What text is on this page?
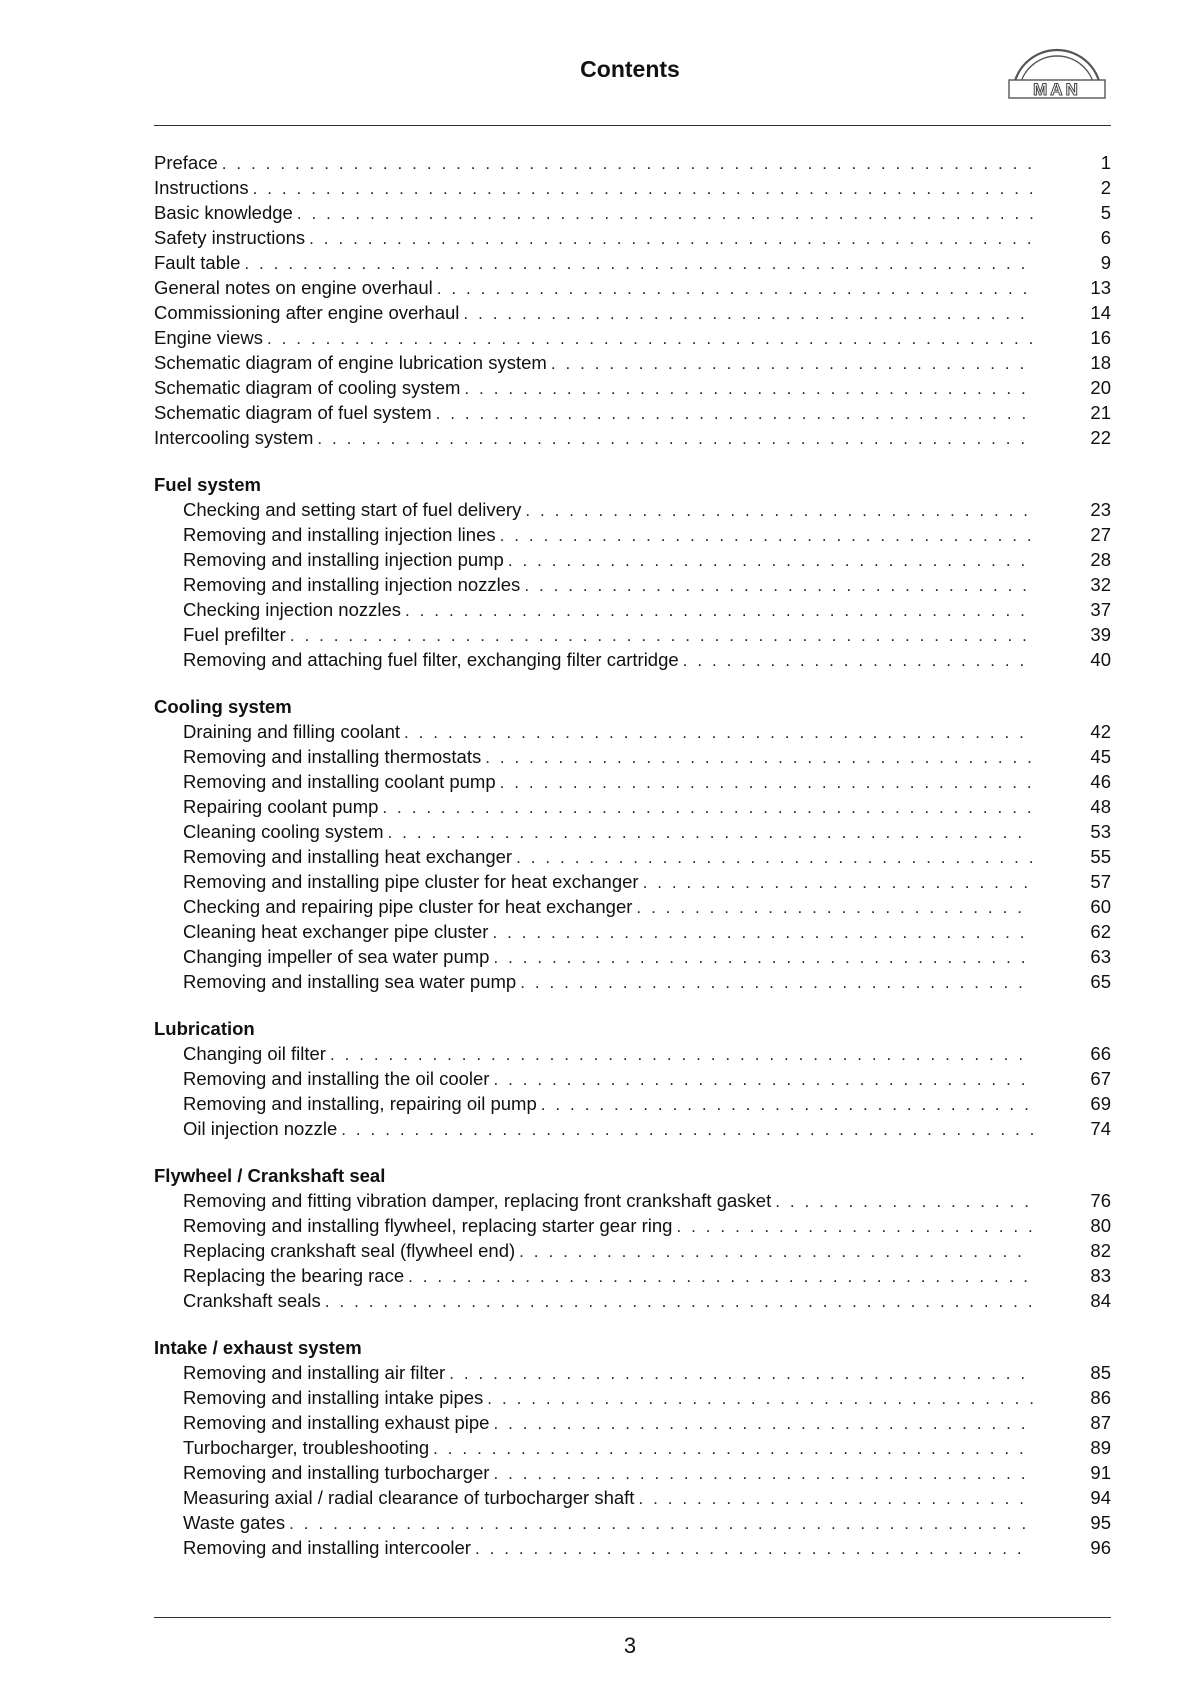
Contents
MAN
Preface . . .	1
Instructions . . .	2
Basic knowledge . . .	5
Safety instructions . . .	6
Fault table . . .	9
General notes on engine overhaul . . .	13
Commissioning after engine overhaul . . .	14
Engine views . . .	16
Schematic diagram of engine lubrication system . . .	18
Schematic diagram of cooling system . . .	20
Schematic diagram of fuel system . . .	21
Intercooling system . . .	22
Fuel system
Checking and setting start of fuel delivery . . .	23
Removing and installing injection lines . . .	27
Removing and installing injection pump . . .	28
Removing and installing injection nozzles . . .	32
Checking injection nozzles . . .	37
Fuel prefilter . . .	39
Removing and attaching fuel filter, exchanging filter cartridge . . .	40
Cooling system
Draining and filling coolant . . .	42
Removing and installing thermostats . . .	45
Removing and installing coolant pump . . .	46
Repairing coolant pump . . .	48
Cleaning cooling system . . .	53
Removing and installing heat exchanger . . .	55
Removing and installing pipe cluster for heat exchanger . . .	57
Checking and repairing pipe cluster for heat exchanger . . .	60
Cleaning heat exchanger pipe cluster . . .	62
Changing impeller of sea water pump . . .	63
Removing and installing sea water pump . . .	65
Lubrication
Changing oil filter . . .	66
Removing and installing the oil cooler . . .	67
Removing and installing, repairing oil pump . . .	69
Oil injection nozzle . . .	74
Flywheel / Crankshaft seal
Removing and fitting vibration damper, replacing front crankshaft gasket . . .	76
Removing and installing flywheel, replacing starter gear ring . . .	80
Replacing crankshaft seal (flywheel end) . . .	82
Replacing the bearing race . . .	83
Crankshaft seals . . .	84
Intake / exhaust system
Removing and installing air filter . . .	85
Removing and installing intake pipes . . .	86
Removing and installing exhaust pipe . . .	87
Turbocharger, troubleshooting . . .	89
Removing and installing turbocharger . . .	91
Measuring axial / radial clearance of turbocharger shaft . . .	94
Waste gates . . .	95
Removing and installing intercooler . . .	96
3
